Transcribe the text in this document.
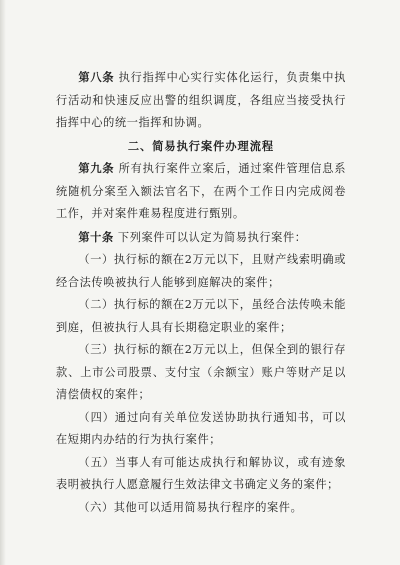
第八条 执行指挥中心实行实体化运行，负责集中执行活动和快速反应出警的组织调度，各组应当接受执行指挥中心的统一指挥和协调。

二、简易执行案件办理流程

第九条 所有执行案件立案后，通过案件管理信息系统随机分案至入额法官名下，在两个工作日内完成阅卷工作，并对案件难易程度进行甄别。

第十条 下列案件可以认定为简易执行案件：

（一）执行标的额在2万元以下，且财产线索明确或经合法传唤被执行人能够到庭解决的案件；

（二）执行标的额在2万元以下，虽经合法传唤未能到庭，但被执行人具有长期稳定职业的案件；

（三）执行标的额在2万元以上，但保全到的银行存款、上市公司股票、支付宝（余额宝）账户等财产足以清偿债权的案件；

（四）通过向有关单位发送协助执行通知书，可以在短期内办结的行为执行案件；

（五）当事人有可能达成执行和解协议，或有迹象表明被执行人愿意履行生效法律文书确定义务的案件；

（六）其他可以适用简易执行程序的案件。
